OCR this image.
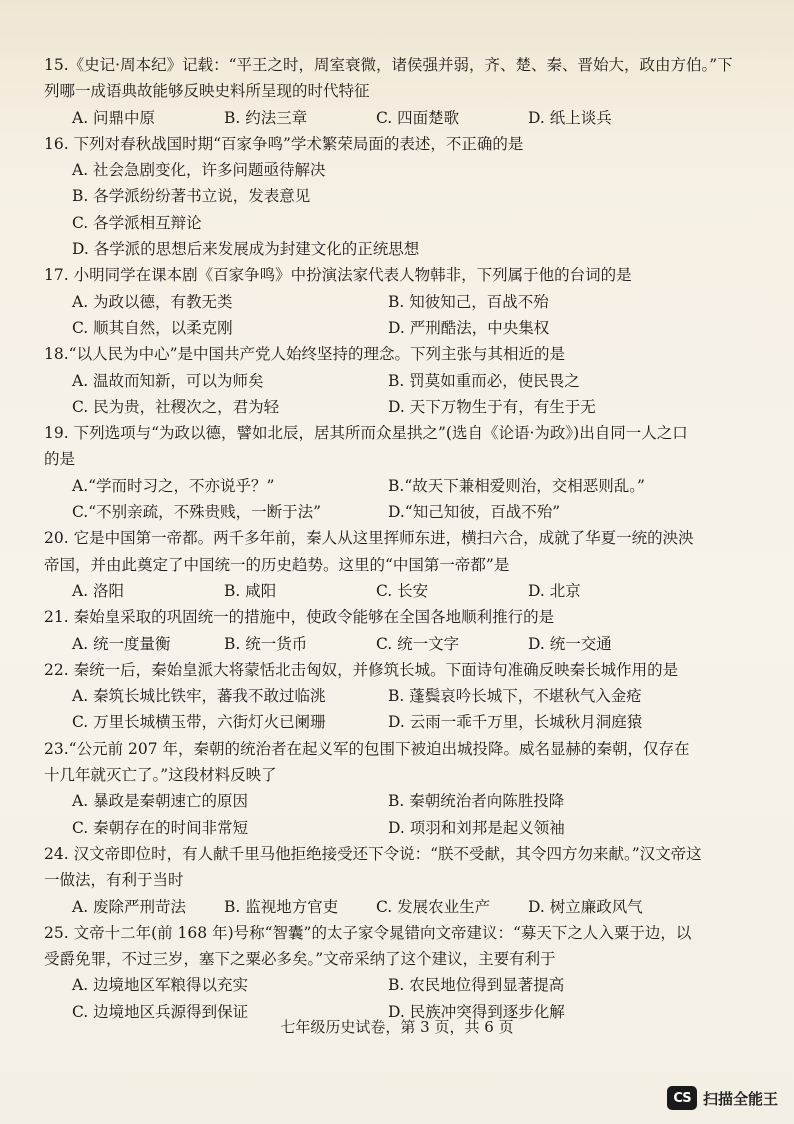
15.《史记·周本纪》记载：“平王之时，周室衰微，诸侯强并弱，齐、楚、秦、晋始大，政由方伯。”下
列哪一成语典故能够反映史料所呈现的时代特征
A. 问鼎中原	B. 约法三章	C. 四面楚歌	D. 纸上谈兵
16. 下列对春秋战国时期“百家争鸣”学术繁荣局面的表述，不正确的是
A. 社会急剧变化，许多问题亟待解决
B. 各学派纷纷著书立说，发表意见
C. 各学派相互辩论
D. 各学派的思想后来发展成为封建文化的正统思想
17. 小明同学在课本剧《百家争鸣》中扮演法家代表人物韩非，下列属于他的台词的是
A. 为政以德，有教无类	B. 知彼知己，百战不殆
C. 顺其自然，以柔克刚	D. 严刑酷法，中央集权
18.“以人民为中心”是中国共产党人始终坚持的理念。下列主张与其相近的是
A. 温故而知新，可以为师矣	B. 罚莫如重而必，使民畏之
C. 民为贵，社稷次之，君为轻	D. 天下万物生于有，有生于无
19. 下列选项与“为政以德，譬如北辰，居其所而众星拱之”(选自《论语·为政》)出自同一人之口
的是
A.“学而时习之，不亦说乎？”	B.“故天下兼相爱则治，交相恶则乱。”
C.“不别亲疏，不殊贵贱，一断于法”	D.“知己知彼，百战不殆”
20. 它是中国第一帝都。两千多年前，秦人从这里挥师东进，横扫六合，成就了华夏一统的泱泱
帝国，并由此奠定了中国统一的历史趋势。这里的“中国第一帝都”是
A. 洛阳	B. 咸阳	C. 长安	D. 北京
21. 秦始皇采取的巩固统一的措施中，使政令能够在全国各地顺利推行的是
A. 统一度量衡	B. 统一货币	C. 统一文字	D. 统一交通
22. 秦统一后，秦始皇派大将蒙恬北击匈奴，并修筑长城。下面诗句准确反映秦长城作用的是
A. 秦筑长城比铁牢，蕃我不敢过临洮	B. 蓬鬓哀吟长城下，不堪秋气入金疮
C. 万里长城横玉带，六街灯火已阑珊	D. 云雨一乖千万里，长城秋月洞庭猿
23.“公元前 207 年，秦朝的统治者在起义军的包围下被迫出城投降。威名显赫的秦朝，仅存在
十几年就灭亡了。”这段材料反映了
A. 暴政是秦朝速亡的原因	B. 秦朝统治者向陈胜投降
C. 秦朝存在的时间非常短	D. 项羽和刘邦是起义领袖
24. 汉文帝即位时，有人献千里马他拒绝接受还下令说：“朕不受献，其令四方勿来献。”汉文帝这
一做法，有利于当时
A. 废除严刑苛法	B. 监视地方官吏	C. 发展农业生产	D. 树立廉政风气
25. 文帝十二年(前 168 年)号称“智囊”的太子家令晁错向文帝建议：“募天下之人入粟于边，以
受爵免罪，不过三岁，塞下之粟必多矣。”文帝采纳了这个建议，主要有利于
A. 边境地区军粮得以充实	B. 农民地位得到显著提高
C. 边境地区兵源得到保证	D. 民族冲突得到逐步化解
七年级历史试卷，第 3 页，共 6 页
CS 扫描全能王
